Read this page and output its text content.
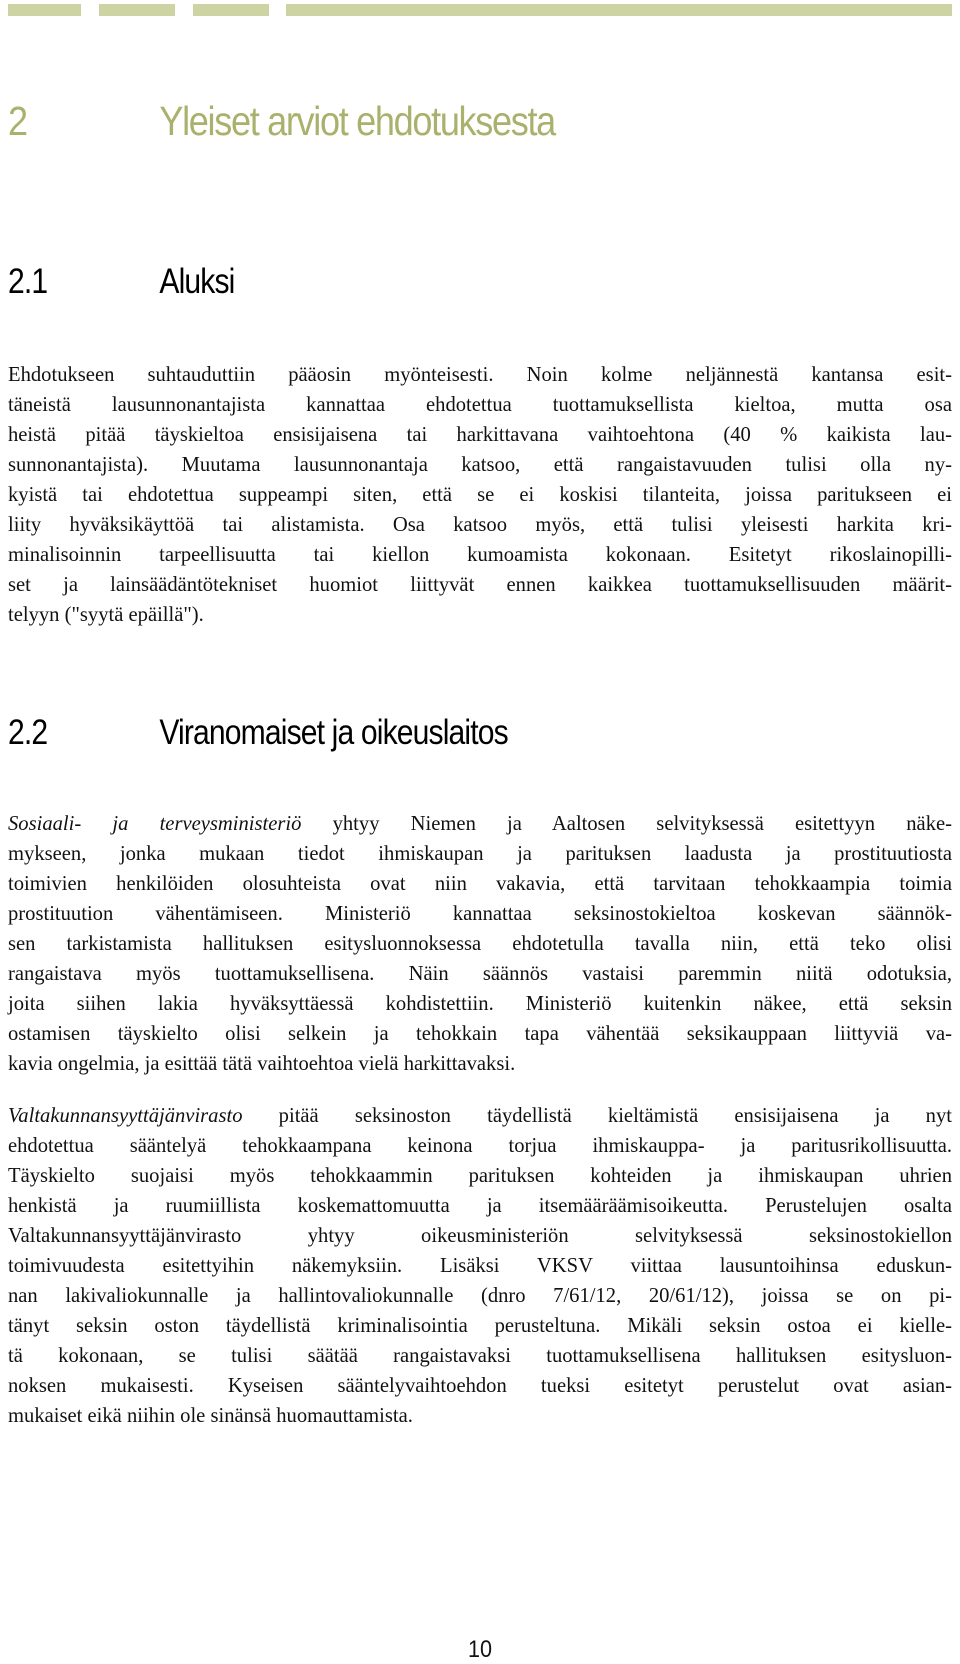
2	Yleiset arviot ehdotuksesta
2.1	Aluksi
Ehdotukseen suhtauduttiin pääosin myönteisesti. Noin kolme neljännestä kantansa esit-
täneistä lausunnonantajista kannattaa ehdotettua tuottamuksellista kieltoa, mutta osa
heistä pitää täyskieltoa ensisijaisena tai harkittavana vaihtoehtona (40 % kaikista lau-
sunnonantajista). Muutama lausunnonantaja katsoo, että rangaistavuuden tulisi olla ny-
kyistä tai ehdotettua suppeampi siten, että se ei koskisi tilanteita, joissa paritukseen ei
liity hyväksikäyttöä tai alistamista. Osa katsoo myös, että tulisi yleisesti harkita kri-
minalisoinnin tarpeellisuutta tai kiellon kumoamista kokonaan. Esitetyt rikoslainopilli-
set ja lainsäädäntötekniset huomiot liittyvät ennen kaikkea tuottamuksellisuuden määrit-
telyyn ("syytä epäillä").
2.2	Viranomaiset ja oikeuslaitos
Sosiaali- ja terveysministeriö yhtyy Niemen ja Aaltosen selvityksessä esitettyyn näke-
mykseen, jonka mukaan tiedot ihmiskaupan ja parituksen laadusta ja prostituutiosta
toimivien henkilöiden olosuhteista ovat niin vakavia, että tarvitaan tehokkaampia toimia
prostituution vähentämiseen. Ministeriö kannattaa seksinostokieltoa koskevan säännök-
sen tarkistamista hallituksen esitysluonnoksessa ehdotetulla tavalla niin, että teko olisi
rangaistava myös tuottamuksellisena. Näin säännös vastaisi paremmin niitä odotuksia,
joita siihen lakia hyväksyttäessä kohdistettiin. Ministeriö kuitenkin näkee, että seksin
ostamisen täyskielto olisi selkein ja tehokkain tapa vähentää seksikauppaan liittyviä va-
kavia ongelmia, ja esittää tätä vaihtoehtoa vielä harkittavaksi.
Valtakunnansyyttäjänvirasto pitää seksinoston täydellistä kieltämistä ensisijaisena ja nyt
ehdotettua sääntelyä tehokkaampana keinona torjua ihmiskauppa- ja paritusrikollisuutta.
Täyskielto suojaisi myös tehokkaammin parituksen kohteiden ja ihmiskaupan uhrien
henkistä ja ruumiillista koskemattomuutta ja itsemääräämisoikeutta. Perustelujen osalta
Valtakunnansyyttäjänvirasto yhtyy oikeusministeriön selvityksessä seksinostokiellon
toimivuudesta esitettyihin näkemyksiin. Lisäksi VKSV viittaa lausuntoihinsa eduskun-
nan lakivaliokunnalle ja hallintovaliokunnalle (dnro 7/61/12, 20/61/12), joissa se on pi-
tänyt seksin oston täydellistä kriminalisointia perusteltuna. Mikäli seksin ostoa ei kielle-
tä kokonaan, se tulisi säätää rangaistavaksi tuottamuksellisena hallituksen esitysluon-
noksen mukaisesti. Kyseisen sääntelyvaihtoehdon tueksi esitetyt perustelut ovat asian-
mukaiset eikä niihin ole sinänsä huomauttamista.
10
